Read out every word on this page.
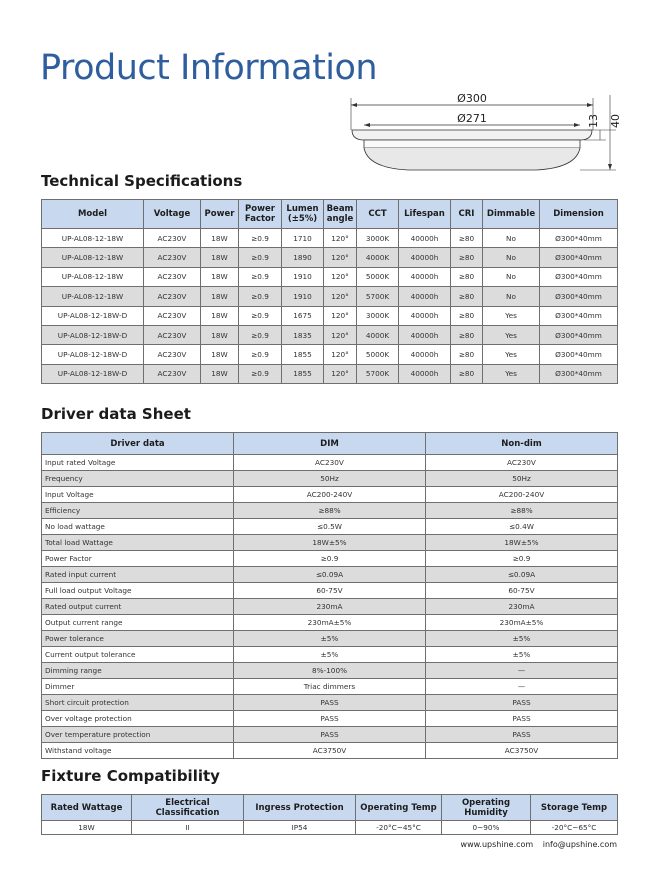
Product Information
Ø300
Ø271	13 40
Technical Specifications
Model	Voltage	Power	Power Factor	Lumen (±5%)	Beam angle	CCT	Lifespan	CRI	Dimmable	Dimension
UP-AL08-12-18W	AC230V	18W	≥0.9	1710	120°	3000K	40000h	≥80	No	Ø300*40mm
UP-AL08-12-18W	AC230V	18W	≥0.9	1890	120°	4000K	40000h	≥80	No	Ø300*40mm
UP-AL08-12-18W	AC230V	18W	≥0.9	1910	120°	5000K	40000h	≥80	No	Ø300*40mm
UP-AL08-12-18W	AC230V	18W	≥0.9	1910	120°	5700K	40000h	≥80	No	Ø300*40mm
UP-AL08-12-18W-D	AC230V	18W	≥0.9	1675	120°	3000K	40000h	≥80	Yes	Ø300*40mm
UP-AL08-12-18W-D	AC230V	18W	≥0.9	1835	120°	4000K	40000h	≥80	Yes	Ø300*40mm
UP-AL08-12-18W-D	AC230V	18W	≥0.9	1855	120°	5000K	40000h	≥80	Yes	Ø300*40mm
UP-AL08-12-18W-D	AC230V	18W	≥0.9	1855	120°	5700K	40000h	≥80	Yes	Ø300*40mm
Driver data Sheet
Driver data	DIM	Non-dim
Input rated Voltage	AC230V	AC230V
Frequency	50Hz	50Hz
Input Voltage	AC200-240V	AC200-240V
Efficiency	≥88%	≥88%
No load wattage	≤0.5W	≤0.4W
Total load Wattage	18W±5%	18W±5%
Power Factor	≥0.9	≥0.9
Rated input current	≤0.09A	≤0.09A
Full load output Voltage	60-75V	60-75V
Rated output current	230mA	230mA
Output current range	230mA±5%	230mA±5%
Power tolerance	±5%	±5%
Current output tolerance	±5%	±5%
Dimming range	8%-100%	—
Dimmer	Triac dimmers	—
Short circuit protection	PASS	PASS
Over voltage protection	PASS	PASS
Over temperature protection	PASS	PASS
Withstand voltage	AC3750V	AC3750V
Fixture Compatibility
Rated Wattage	Electrical Classification	Ingress Protection	Operating Temp	Operating Humidity	Storage Temp
18W	II	IP54	-20°C~45°C	0~90%	-20°C~65°C
www.upshine.com info@upshine.com
